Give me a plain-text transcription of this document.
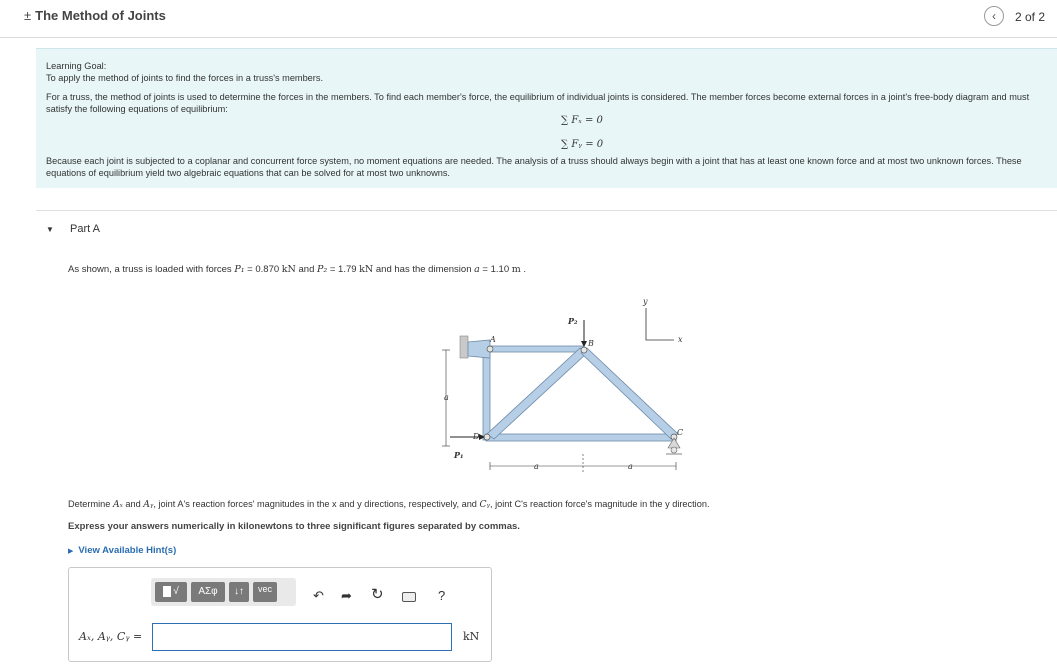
± The Method of Joints	‹	2 of 2

Learning Goal:

To apply the method of joints to find the forces in a truss's members.

For a truss, the method of joints is used to determine the forces in the members. To find each member's force, the equilibrium of individual joints is considered. The member forces become external forces in a joint's free-body diagram and must satisfy the following equations of equilibrium:

∑ Fₓ = 0
∑ Fᵧ = 0

Because each joint is subjected to a coplanar and concurrent force system, no moment equations are needed. The analysis of a truss should always begin with a joint that has at least one known force and at most two unknown forces. These equations of equilibrium yield two algebraic equations that can be solved for at most two unknowns.

▼ Part A
As shown, a truss is loaded with forces P₁ = 0.870 kN and P₂ = 1.79 kN and has the dimension a = 1.10 m .
A	B
C
D
P₁
P₂
x
y
a
a	a
Determine Aₓ and Aᵧ, joint A's reaction forces' magnitudes in the x and y directions, respectively, and Cᵧ, joint C's reaction force's magnitude in the y direction.
Express your answers numerically in kilonewtons to three significant figures separated by commas.
▶ View Available Hint(s)
√	ΑΣφ	↓↑	vec	↶ ➦ ↻	?
Aₓ, Aᵧ, Cᵧ =	kN
